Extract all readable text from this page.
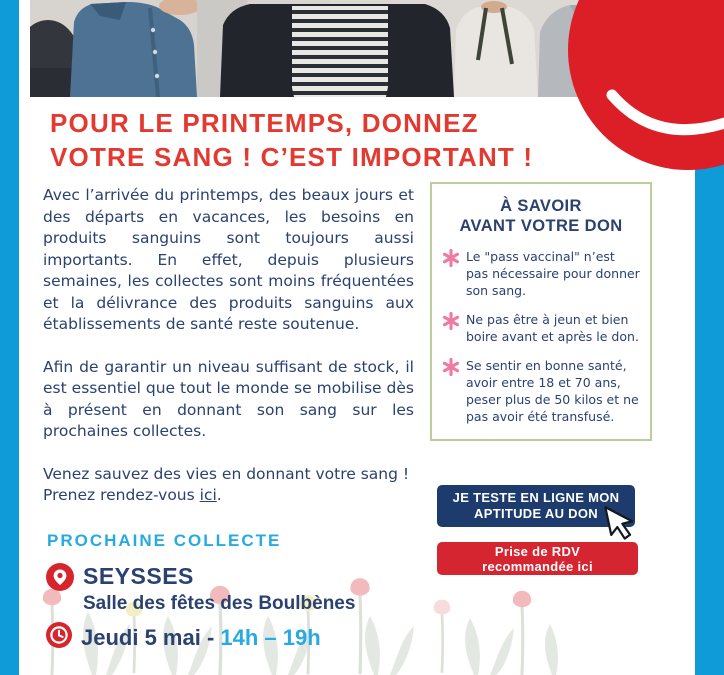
POUR LE PRINTEMPS, DONNEZ
VOTRE SANG ! C’EST IMPORTANT !

Avec l’arrivée du printemps, des beaux jours et des départs en vacances, les besoins en produits sanguins sont toujours aussi importants. En effet, depuis plusieurs semaines, les collectes sont moins fréquentées et la délivrance des produits sanguins aux établissements de santé reste soutenue.

Afin de garantir un niveau suffisant de stock, il est essentiel que tout le monde se mobilise dès à présent en donnant son sang sur les prochaines collectes.

Venez sauvez des vies en donnant votre sang !
Prenez rendez-vous ici.

À SAVOIR
AVANT VOTRE DON
Le "pass vaccinal" n’est pas nécessaire pour donner son sang.
Ne pas être à jeun et bien boire avant et après le don.
Se sentir en bonne santé, avoir entre 18 et 70 ans, peser plus de 50 kilos et ne pas avoir été transfusé.
JE TESTE EN LIGNE MON
APTITUDE AU DON
Prise de RDV
recommandée ici
PROCHAINE COLLECTE
SEYSSES
Salle des fêtes des Boulbènes
Jeudi 5 mai - 14h – 19h
